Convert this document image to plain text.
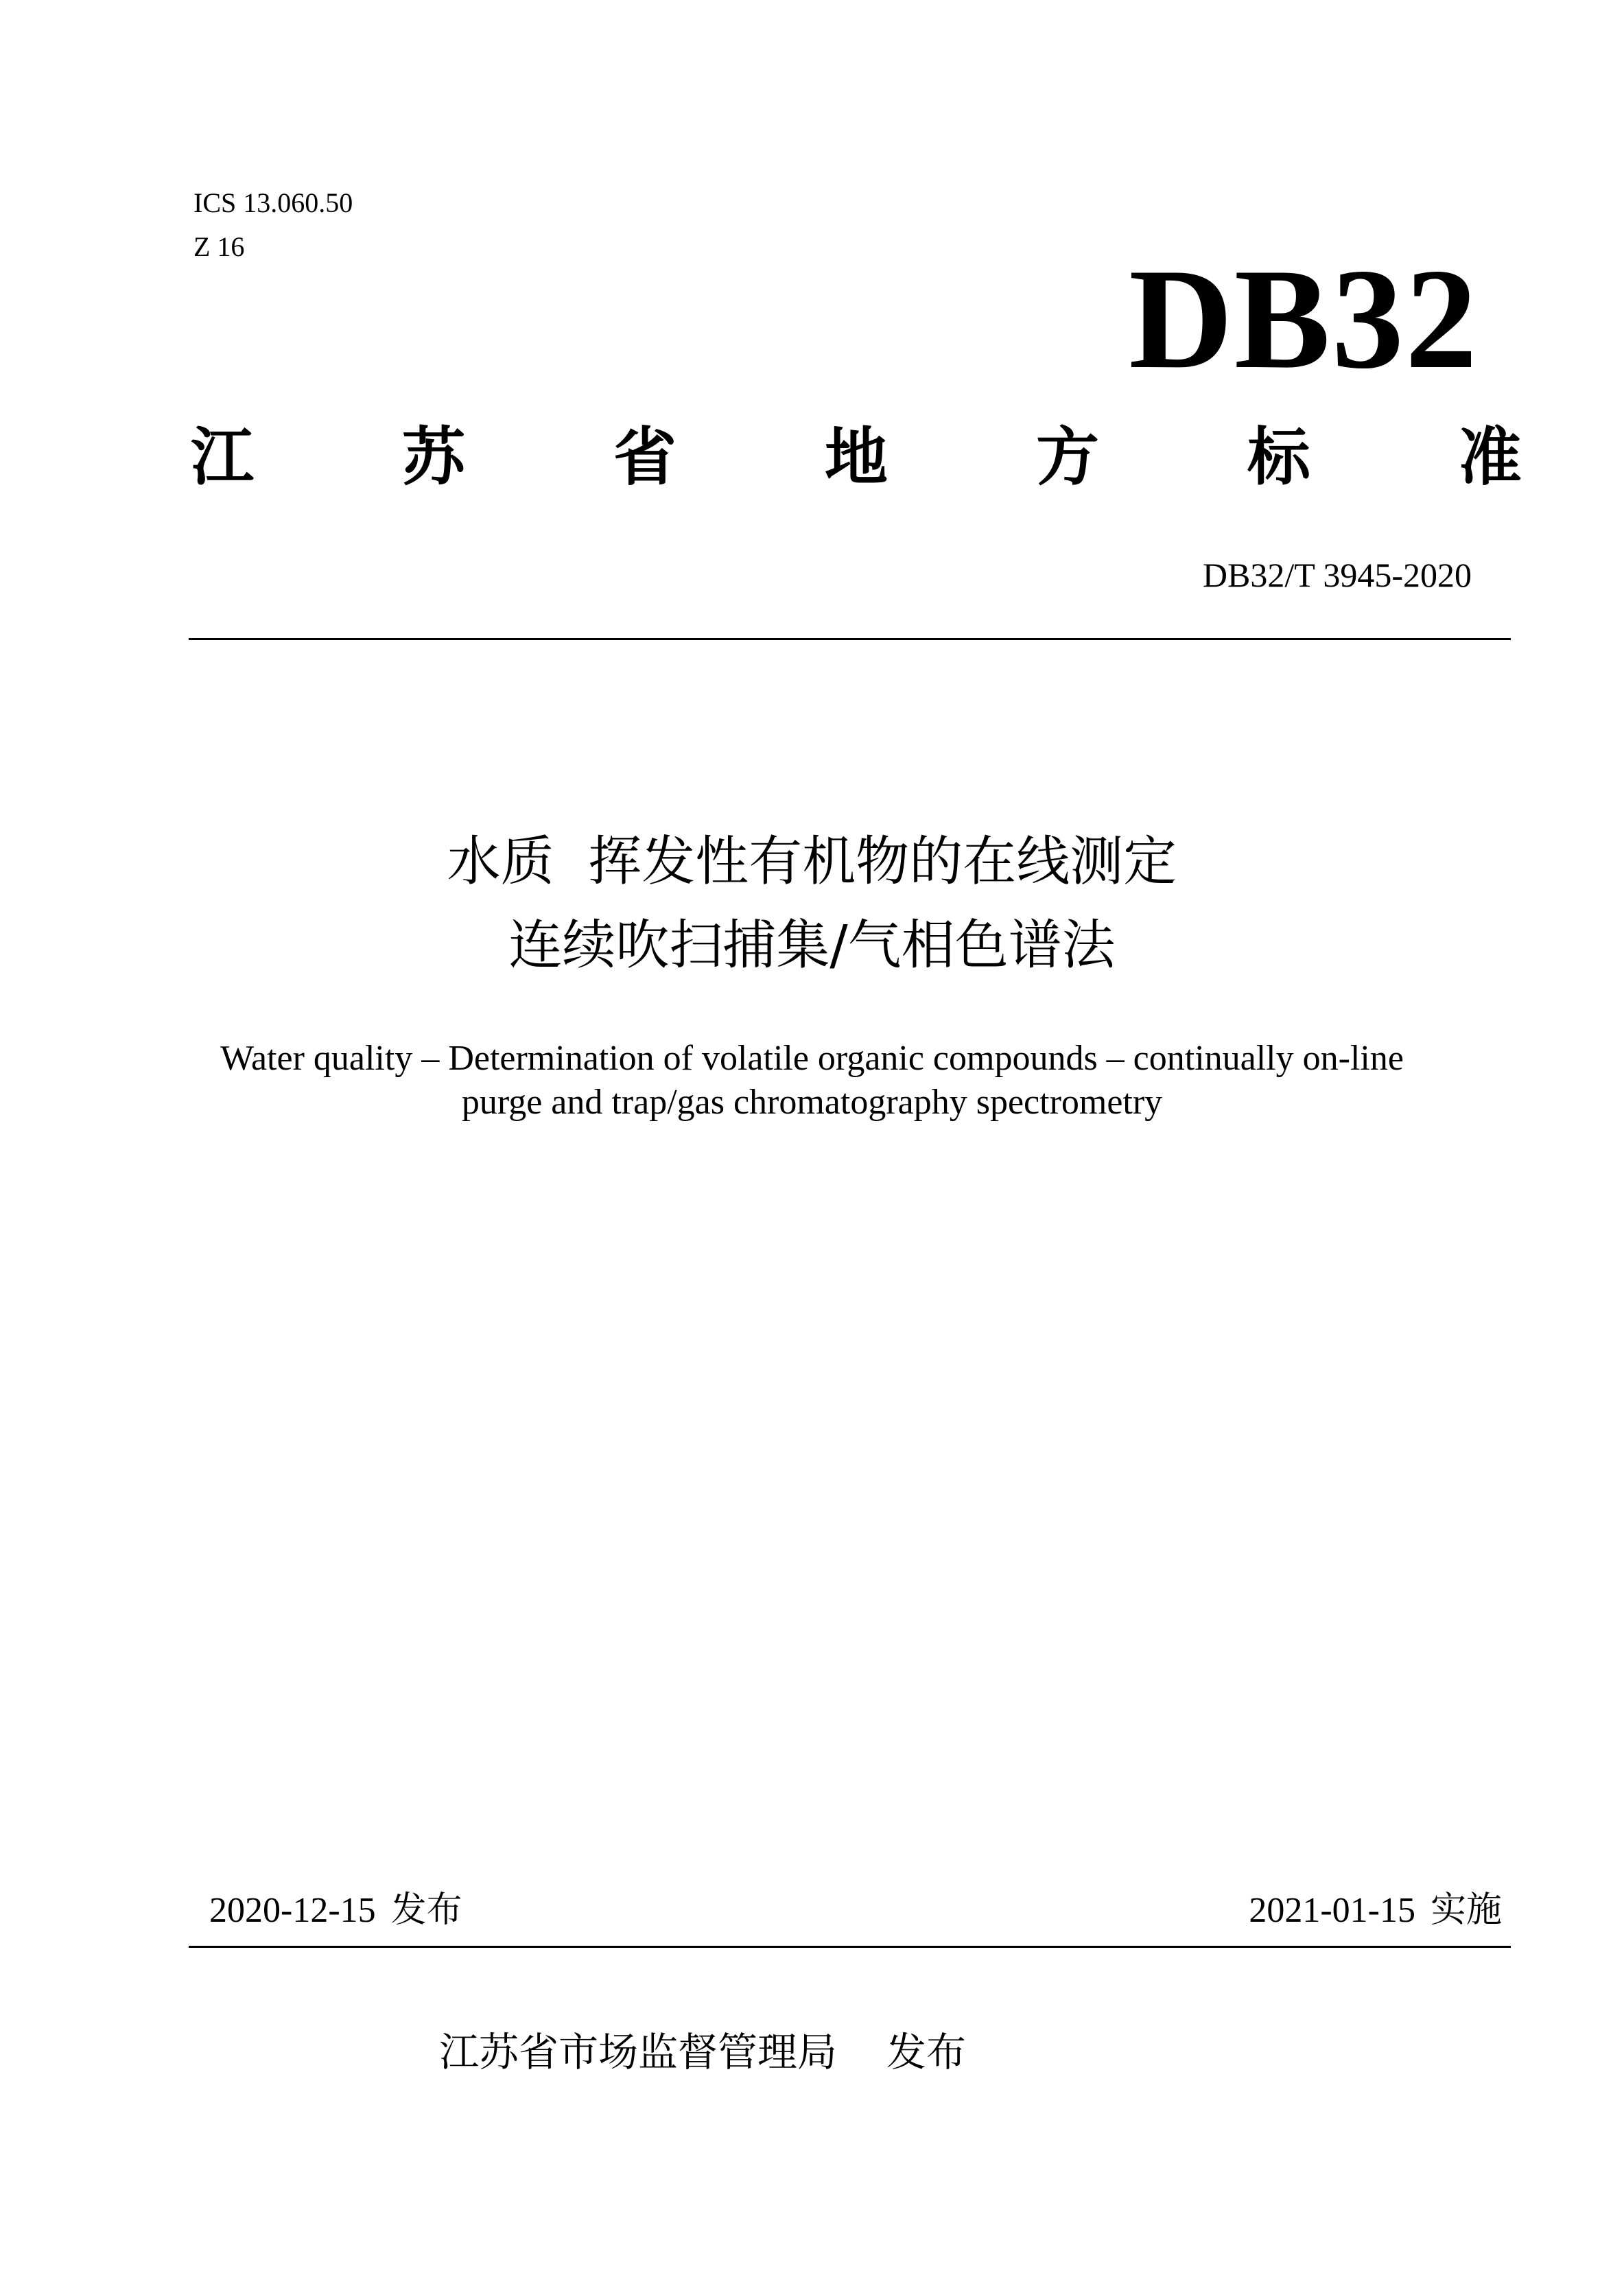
ICS 13.060.50
Z 16	DB32
江 苏 省 地 方 标 准
DB32/T 3945-2020
水质  挥发性有机物的在线测定
连续吹扫捕集/气相色谱法
Water quality – Determination of volatile organic compounds – continually on-line
purge and trap/gas chromatography spectrometry
2020-12-15 发布	2021-01-15 实施
江苏省市场监督管理局 发布
